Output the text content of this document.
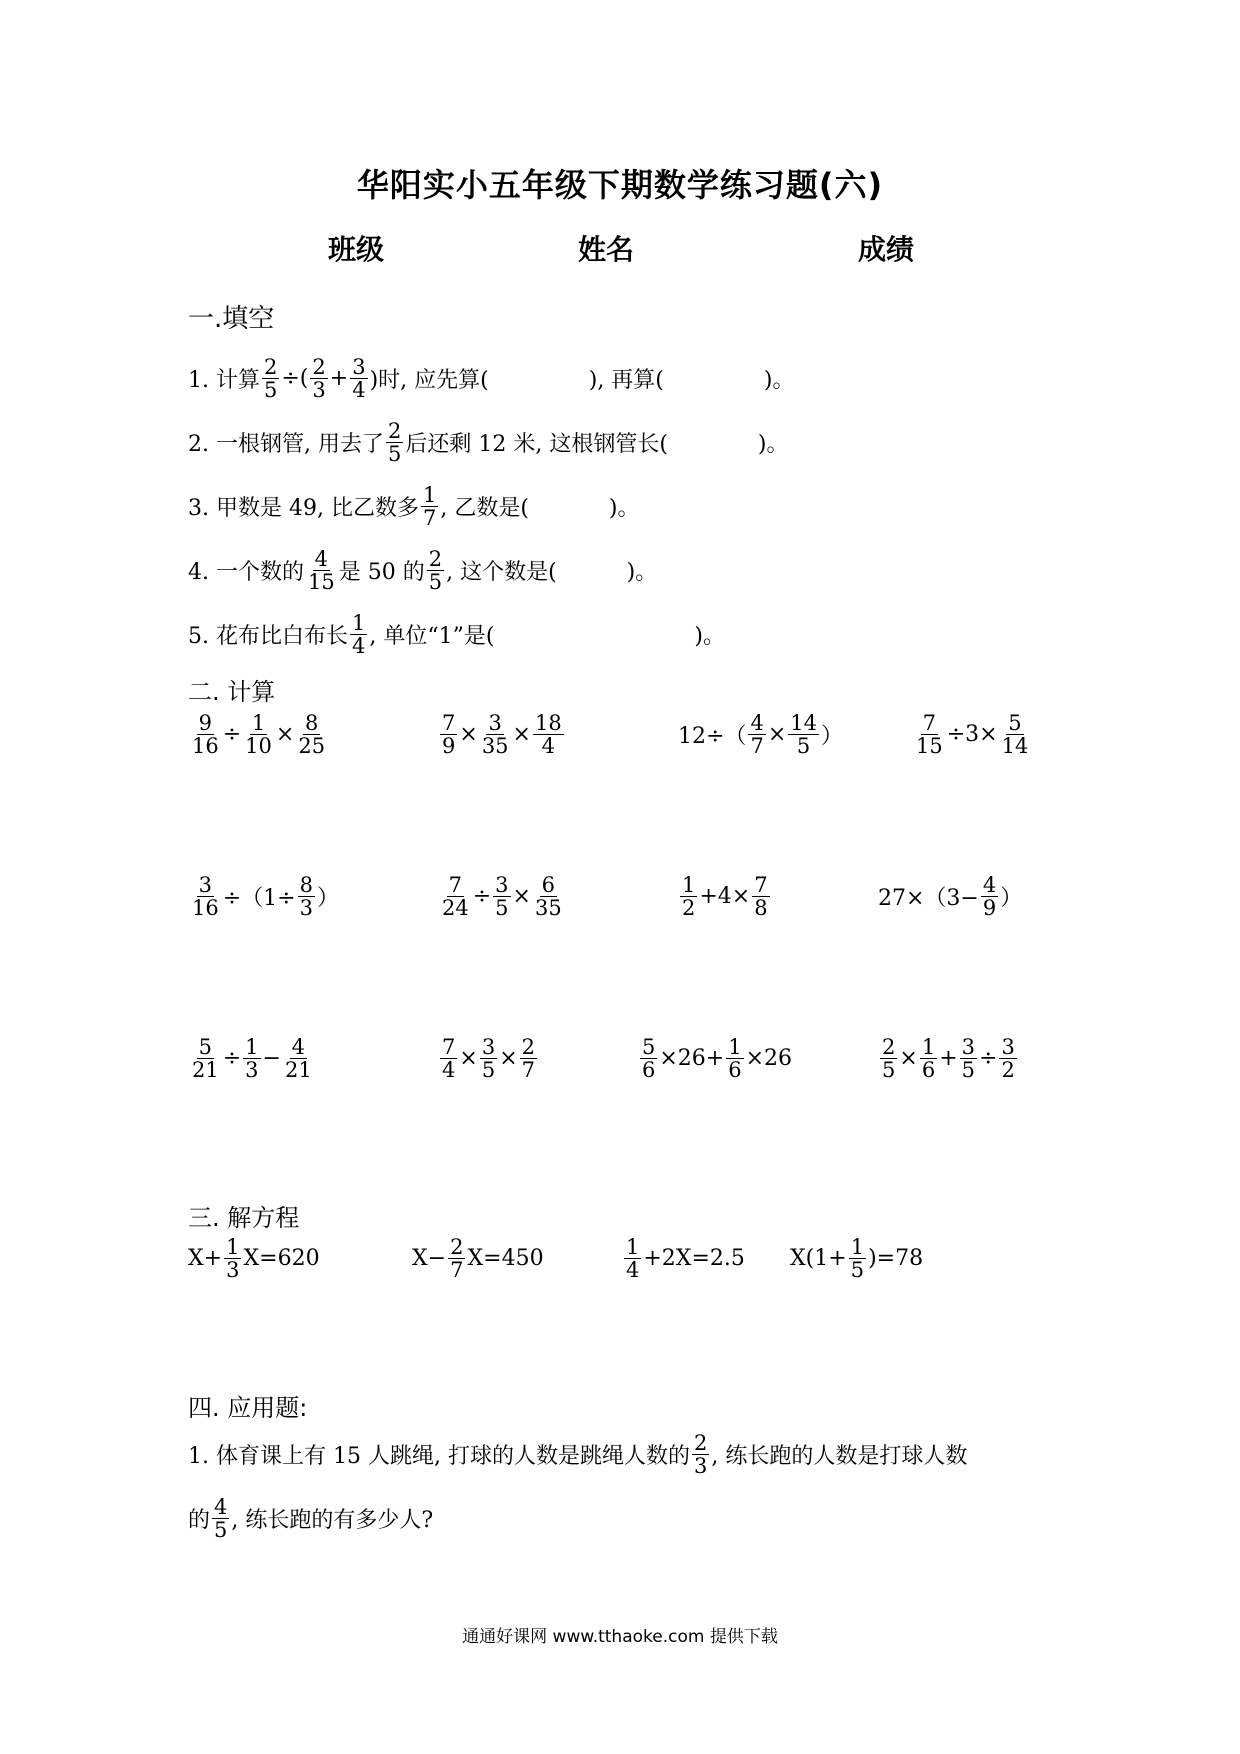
华阳实小五年级下期数学练习题(六)
班级	姓名	成绩
一.填空
1. 计算 $\frac{2}{5}$ ÷( $\frac{2}{3} + \frac{3}{4}$ )时, 应先算(	), 再算(	)。
2. 一根钢管, 用去了 $\frac{2}{5}$ 后还剩 12 米, 这根钢管长(	)。
3. 甲数是 49, 比乙数多 $\frac{1}{7}$ , 乙数是(	)。
4. 一个数的 $\frac{4}{15}$ 是 50 的 $\frac{2}{5}$ , 这个数是(	)。
5. 花布比白布长 $\frac{1}{4}$ , 单位“1”是(	)。
二. 计算
$\frac{9}{16} \div \frac{1}{10} \times \frac{8}{25}$	$\frac{7}{9} \times \frac{3}{35} \times \frac{18}{4}$	$12\div( \frac{4}{7} \times \frac{14}{5}$ ）	$\frac{7}{15} \div 3\times \frac{5}{14}$
$\frac{3}{16} \div(1\div \frac{8}{3}$ ）	$\frac{7}{24} \div \frac{3}{5} \times \frac{6}{35}$	$\frac{1}{2} +4\times \frac{7}{8}$	$27\times(3- \frac{4}{9}$ ）
$\frac{5}{21} \div \frac{1}{3} - \frac{4}{21}$	$\frac{7}{4} \times \frac{3}{5} \times \frac{2}{7}$	$\frac{5}{6} \times 26+ \frac{1}{6} \times 26$	$\frac{2}{5} \times \frac{1}{6} + \frac{3}{5} \div \frac{3}{2}$
三. 解方程
$X+ \frac{1}{3} X=620$	$X- \frac{2}{7} X=450$	$\frac{1}{4} +2X=2.5$ $X(1+ \frac{1}{5} )=78$
四. 应用题:
1. 体育课上有 15 人跳绳, 打球的人数是跳绳人数的 $\frac{2}{3}$ , 练长跑的人数是打球人数
的 $\frac{4}{5}$ , 练长跑的有多少人?
通通好课网 www.tthaoke.com 提供下载
